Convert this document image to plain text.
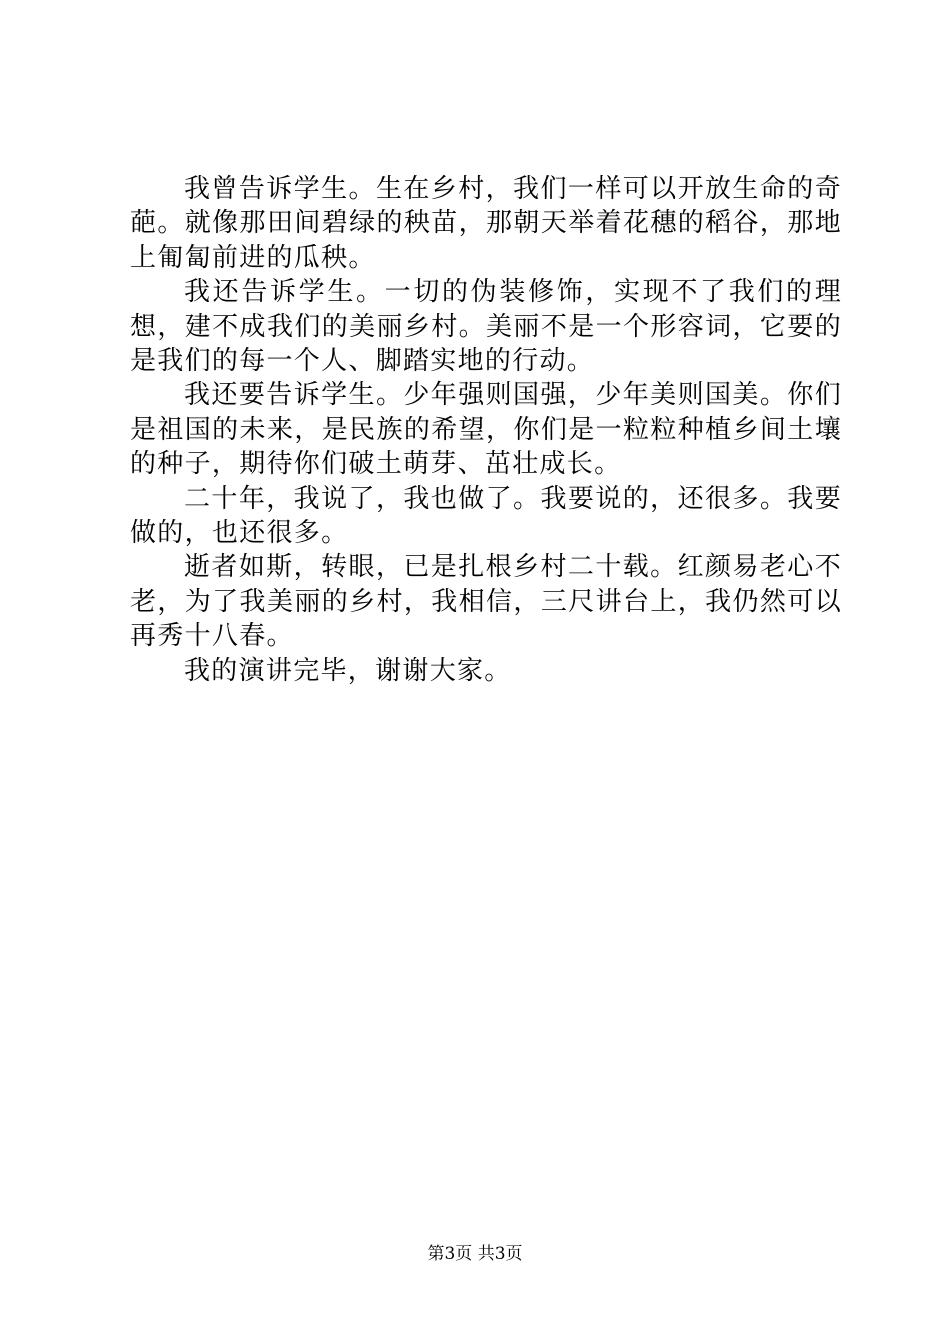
我曾告诉学生。生在乡村，我们一样可以开放生命的奇葩。就像那田间碧绿的秧苗，那朝天举着花穗的稻谷，那地上匍匐前进的瓜秧。

我还告诉学生。一切的伪装修饰，实现不了我们的理想，建不成我们的美丽乡村。美丽不是一个形容词，它要的是我们的每一个人、脚踏实地的行动。

我还要告诉学生。少年强则国强，少年美则国美。你们是祖国的未来，是民族的希望，你们是一粒粒种植乡间土壤的种子，期待你们破土萌芽、茁壮成长。

二十年，我说了，我也做了。我要说的，还很多。我要做的，也还很多。

逝者如斯，转眼，已是扎根乡村二十载。红颜易老心不老，为了我美丽的乡村，我相信，三尺讲台上，我仍然可以再秀十八春。

我的演讲完毕，谢谢大家。

第3页 共3页
